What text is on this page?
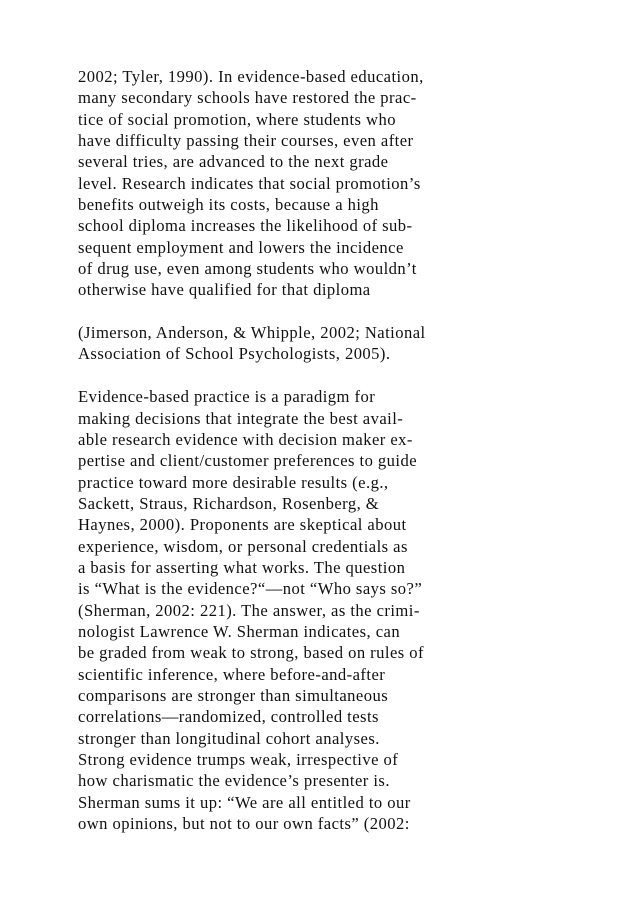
2002; Tyler, 1990). In evidence-based education,
many secondary schools have restored the prac-
tice of social promotion, where students who
have difficulty passing their courses, even after
several tries, are advanced to the next grade
level. Research indicates that social promotion’s
benefits outweigh its costs, because a high
school diploma increases the likelihood of sub-
sequent employment and lowers the incidence
of drug use, even among students who wouldn’t
otherwise have qualified for that diploma

(Jimerson, Anderson, & Whipple, 2002; National
Association of School Psychologists, 2005).

Evidence-based practice is a paradigm for
making decisions that integrate the best avail-
able research evidence with decision maker ex-
pertise and client/customer preferences to guide
practice toward more desirable results (e.g.,
Sackett, Straus, Richardson, Rosenberg, &
Haynes, 2000). Proponents are skeptical about
experience, wisdom, or personal credentials as
a basis for asserting what works. The question
is “What is the evidence?“—not “Who says so?”
(Sherman, 2002: 221). The answer, as the crimi-
nologist Lawrence W. Sherman indicates, can
be graded from weak to strong, based on rules of
scientific inference, where before-and-after
comparisons are stronger than simultaneous
correlations—randomized, controlled tests
stronger than longitudinal cohort analyses.
Strong evidence trumps weak, irrespective of
how charismatic the evidence’s presenter is.
Sherman sums it up: “We are all entitled to our
own opinions, but not to our own facts” (2002:
